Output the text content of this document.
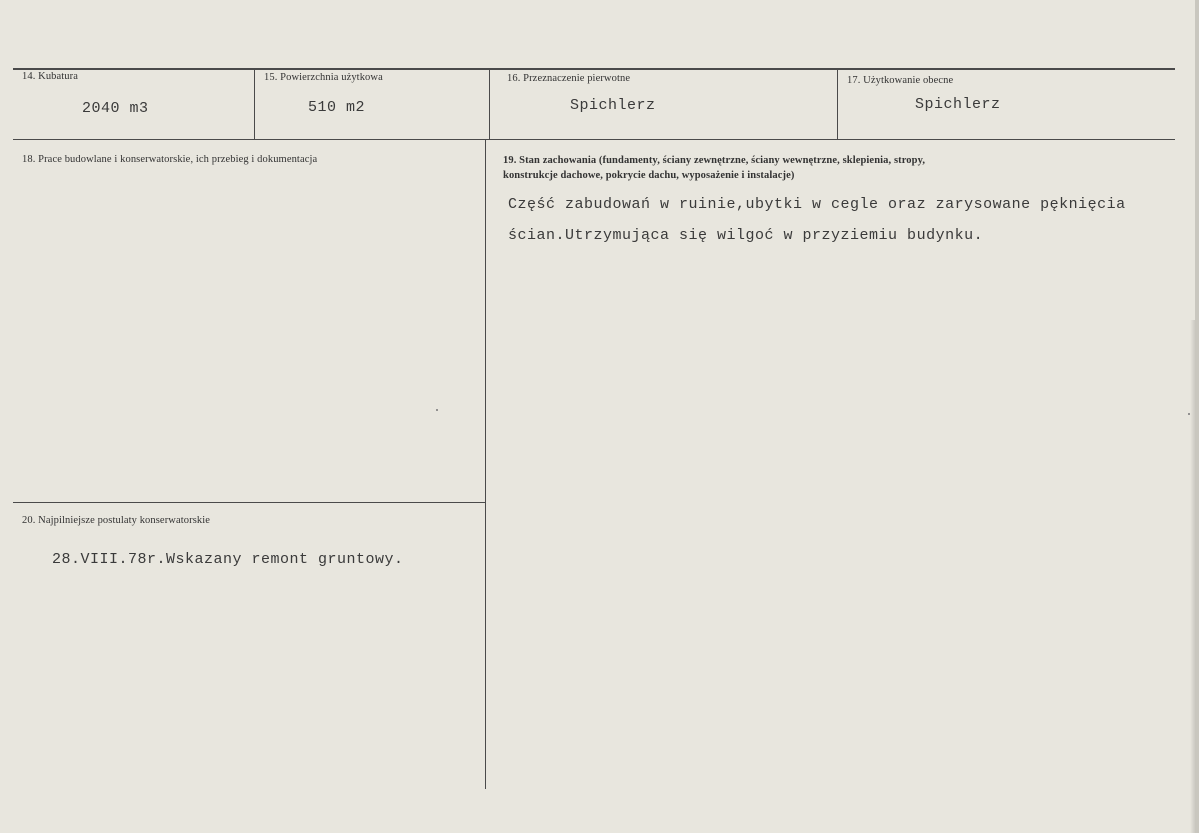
14. Kubatura
2040 m3
15. Powierzchnia użytkowa
510 m2
16. Przeznaczenie pierwotne
Spichlerz
17. Użytkowanie obecne
Spichlerz
18. Prace budowlane i konserwatorskie, ich przebieg i dokumentacja	19. Stan zachowania (fundamenty, ściany zewnętrzne, ściany wewnętrzne, sklepienia, stropy,
konstrukcje dachowe, pokrycie dachu, wyposażenie i instalacje)
Część zabudowań w ruinie,ubytki w cegle oraz zarysowane pęknięcia
ścian.Utrzymująca się wilgoć w przyziemiu budynku.
20. Najpilniejsze postulaty konserwatorskie
28.VIII.78r.Wskazany remont gruntowy.
